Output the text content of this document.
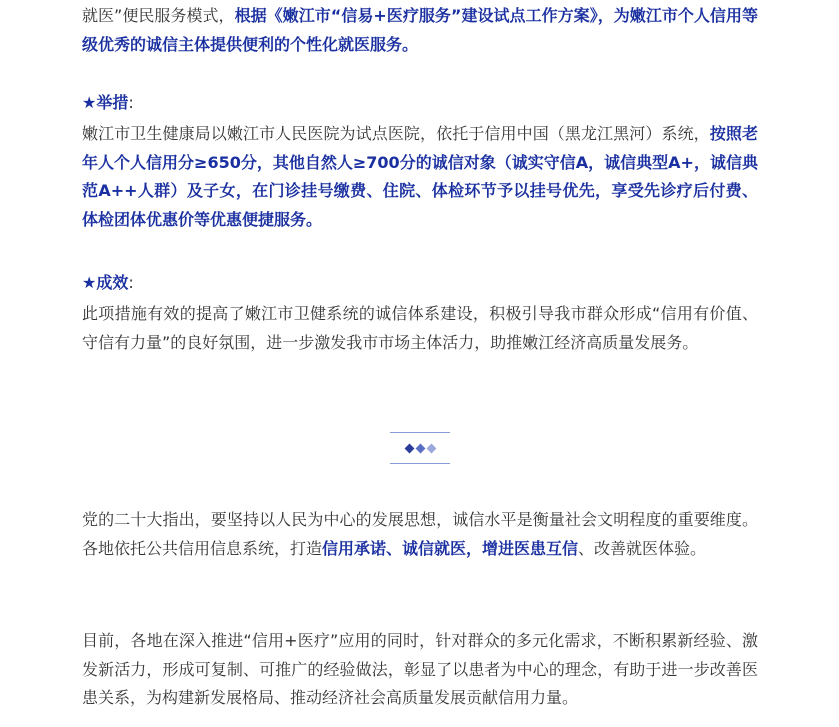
就医”便民服务模式，根据《嫩江市“信易+医疗服务”建设试点工作方案》，为嫩江市个人信用等级优秀的诚信主体提供便利的个性化就医服务。

★举措:

嫩江市卫生健康局以嫩江市人民医院为试点医院，依托于信用中国（黑龙江黑河）系统，按照老年人个人信用分≥650分，其他自然人≥700分的诚信对象（诚实守信A，诚信典型A+，诚信典范A++人群）及子女，在门诊挂号缴费、住院、体检环节予以挂号优先，享受先诊疗后付费、体检团体优惠价等优惠便捷服务。

★成效:

此项措施有效的提高了嫩江市卫健系统的诚信体系建设，积极引导我市群众形成“信用有价值、守信有力量”的良好氛围，进一步激发我市市场主体活力，助推嫩江经济高质量发展务。

党的二十大指出，要坚持以人民为中心的发展思想，诚信水平是衡量社会文明程度的重要维度。各地依托公共信用信息系统，打造信用承诺、诚信就医，增进医患互信、改善就医体验。

目前，各地在深入推进“信用+医疗”应用的同时，针对群众的多元化需求，不断积累新经验、激发新活力，形成可复制、可推广的经验做法，彰显了以患者为中心的理念，有助于进一步改善医患关系，为构建新发展格局、推动经济社会高质量发展贡献信用力量。
